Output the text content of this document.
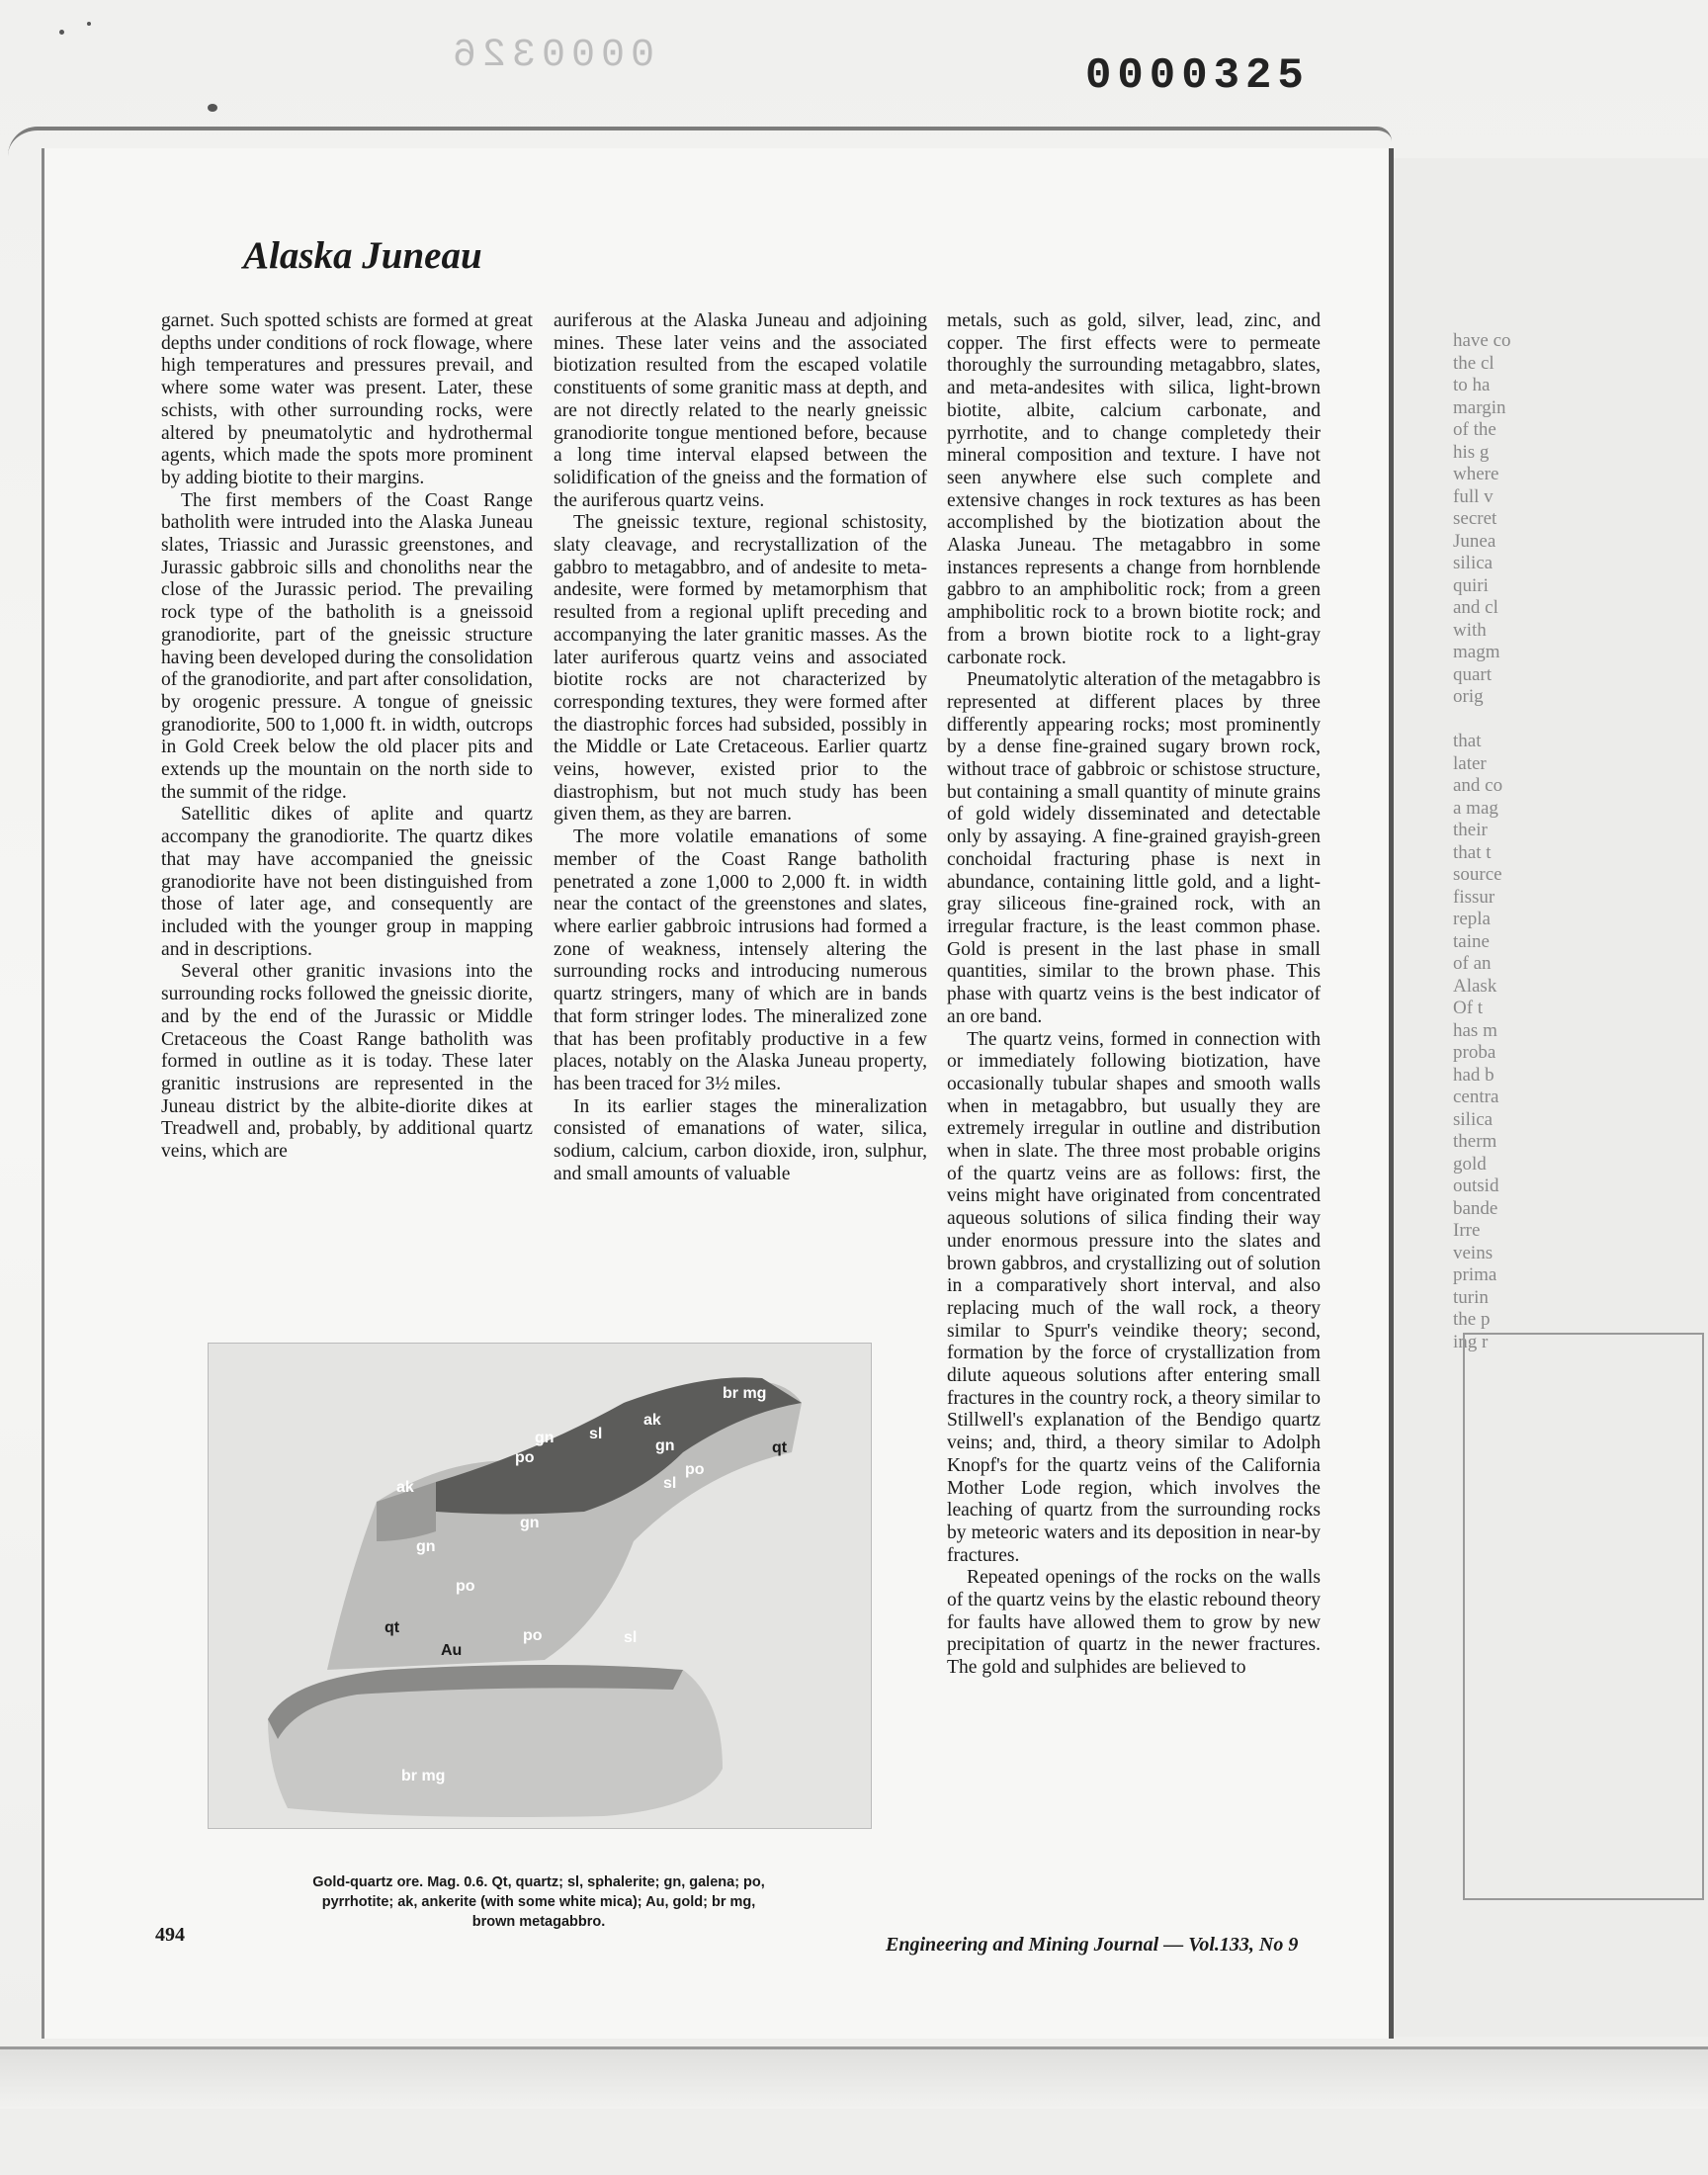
0000326	0000325
have co
the cl
to ha
margin
of the
his g
where
full v
secret
Junea
silica
quiri
and cl
with
magm
quart
orig

that
later
and co
a mag
their
that t
source
fissur
repla
taine
of an
Alask
Of t
has m
proba
had b
centra
silica
therm
gold
outsid
bande
Irre
veins
prima
turin
the p
ing r
Alaska Juneau

garnet. Such spotted schists are formed at great depths under conditions of rock flowage, where high temperatures and pressures prevail, and where some water was present. Later, these schists, with other surrounding rocks, were altered by pneumatolytic and hydrothermal agents, which made the spots more prominent by adding biotite to their margins.

The first members of the Coast Range batholith were intruded into the Alaska Juneau slates, Triassic and Jurassic greenstones, and Jurassic gabbroic sills and chonoliths near the close of the Jurassic period. The prevailing rock type of the batholith is a gneissoid granodiorite, part of the gneissic structure having been developed during the consolidation of the granodiorite, and part after consolidation, by orogenic pressure. A tongue of gneissic granodiorite, 500 to 1,000 ft. in width, outcrops in Gold Creek below the old placer pits and extends up the mountain on the north side to the summit of the ridge.

Satellitic dikes of aplite and quartz accompany the granodiorite. The quartz dikes that may have accompanied the gneissic granodiorite have not been distinguished from those of later age, and consequently are included with the younger group in mapping and in descriptions.

Several other granitic invasions into the surrounding rocks followed the gneissic diorite, and by the end of the Jurassic or Middle Cretaceous the Coast Range batholith was formed in outline as it is today. These later granitic instrusions are represented in the Juneau district by the albite-diorite dikes at Treadwell and, probably, by additional quartz veins, which are

auriferous at the Alaska Juneau and adjoining mines. These later veins and the associated biotization resulted from the escaped volatile constituents of some granitic mass at depth, and are not directly related to the nearly gneissic granodiorite tongue mentioned before, because a long time interval elapsed between the solidification of the gneiss and the formation of the auriferous quartz veins.

The gneissic texture, regional schistosity, slaty cleavage, and recrystallization of the gabbro to metagabbro, and of andesite to meta-andesite, were formed by metamorphism that resulted from a regional uplift preceding and accompanying the later granitic masses. As the later auriferous quartz veins and associated biotite rocks are not characterized by corresponding textures, they were formed after the diastrophic forces had subsided, possibly in the Middle or Late Cretaceous. Earlier quartz veins, however, existed prior to the diastrophism, but not much study has been given them, as they are barren.

The more volatile emanations of some member of the Coast Range batholith penetrated a zone 1,000 to 2,000 ft. in width near the contact of the greenstones and slates, where earlier gabbroic intrusions had formed a zone of weakness, intensely altering the surrounding rocks and introducing numerous quartz stringers, many of which are in bands that form stringer lodes. The mineralized zone that has been profitably productive in a few places, notably on the Alaska Juneau property, has been traced for 3½ miles.

In its earlier stages the mineralization consisted of emanations of water, silica, sodium, calcium, carbon dioxide, iron, sulphur, and small amounts of valuable

metals, such as gold, silver, lead, zinc, and copper. The first effects were to permeate thoroughly the surrounding metagabbro, slates, and meta-andesites with silica, light-brown biotite, albite, calcium carbonate, and pyrrhotite, and to change completedy their mineral composition and texture. I have not seen anywhere else such complete and extensive changes in rock textures as has been accomplished by the biotization about the Alaska Juneau. The metagabbro in some instances represents a change from hornblende gabbro to an amphibolitic rock; from a green amphibolitic rock to a brown biotite rock; and from a brown biotite rock to a light-gray carbonate rock.

Pneumatolytic alteration of the metagabbro is represented at different places by three differently appearing rocks; most prominently by a dense fine-grained sugary brown rock, without trace of gabbroic or schistose structure, but containing a small quantity of minute grains of gold widely disseminated and detectable only by assaying. A fine-grained grayish-green conchoidal fracturing phase is next in abundance, containing little gold, and a light-gray siliceous fine-grained rock, with an irregular fracture, is the least common phase. Gold is present in the last phase in small quantities, similar to the brown phase. This phase with quartz veins is the best indicator of an ore band.

The quartz veins, formed in connection with or immediately following biotization, have occasionally tubular shapes and smooth walls when in metagabbro, but usually they are extremely irregular in outline and distribution when in slate. The three most probable origins of the quartz veins are as follows: first, the veins might have originated from concentrated aqueous solutions of silica finding their way under enormous pressure into the slates and brown gabbros, and crystallizing out of solution in a comparatively short interval, and also replacing much of the wall rock, a theory similar to Spurr's veindike theory; second, formation by the force of crystallization from dilute aqueous solutions after entering small fractures in the country rock, a theory similar to Stillwell's explanation of the Bendigo quartz veins; and, third, a theory similar to Adolph Knopf's for the quartz veins of the California Mother Lode region, which involves the leaching of quartz from the surrounding rocks by meteoric waters and its deposition in near-by fractures.

Repeated openings of the rocks on the walls of the quartz veins by the elastic rebound theory for faults have allowed them to grow by new precipitation of quartz in the newer fractures. The gold and sulphides are believed to

br mg
qt
sl
gn
po
ak
sl
gn
po
ak
gn
gn
po
qt
Au
po	sl
br mg
Gold-quartz ore. Mag. 0.6. Qt, quartz; sl, sphalerite; gn, galena; po,
pyrrhotite; ak, ankerite (with some white mica); Au, gold; br mg,
brown metagabbro.
494	Engineering and Mining Journal — Vol.133, No 9
